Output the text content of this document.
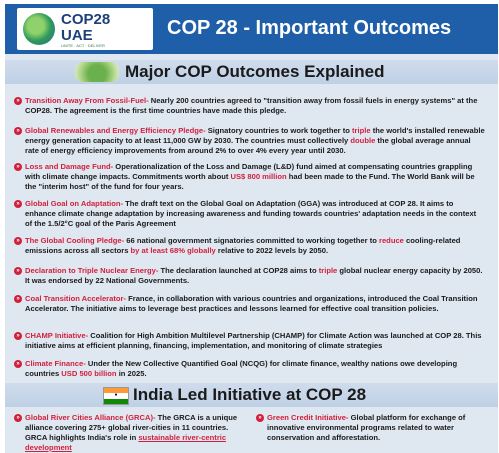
COP28
UAE
UNITE · ACT · DELIVER
COP 28 - Important Outcomes
Major COP Outcomes Explained
» Transition Away From Fossil-Fuel- Nearly 200 countries agreed to "transition away from fossil fuels in energy systems" at the COP28. The agreement is the first time countries have made this pledge.
» Global Renewables and Energy Efficiency Pledge- Signatory countries to work together to triple the world's installed renewable energy generation capacity to at least 11,000 GW by 2030. The countries must collectively double the global average annual rate of energy efficiency improvements from around 2% to over 4% every year until 2030.
» Loss and Damage Fund- Operationalization of the Loss and Damage (L&D) fund aimed at compensating countries grappling with climate change impacts. Commitments worth about US$ 800 million had been made to the Fund. The World Bank will be the "interim host" of the fund for four years.
» Global Goal on Adaptation- The draft text on the Global Goal on Adaptation (GGA) was introduced at COP 28. It aims to enhance climate change adaptation by increasing awareness and funding towards countries' adaptation needs in the context of the 1.5/2°C goal of the Paris Agreement
» The Global Cooling Pledge- 66 national government signatories committed to working together to reduce cooling-related emissions across all sectors by at least 68% globally relative to 2022 levels by 2050.
» Declaration to Triple Nuclear Energy- The declaration launched at COP28 aims to triple global nuclear energy capacity by 2050. It was endorsed by 22 National Governments.
» Coal Transition Accelerator- France, in collaboration with various countries and organizations, introduced the Coal Transition Accelerator. The initiative aims to leverage best practices and lessons learned for effective coal transition policies.
» CHAMP Initiative- Coalition for High Ambition Multilevel Partnership (CHAMP) for Climate Action was launched at COP 28. This initiative aims at efficient planning, financing, implementation, and monitoring of climate strategies
» Climate Finance- Under the New Collective Quantified Goal (NCQG) for climate finance, wealthy nations owe developing countries USD 500 billion in 2025.
● India Led Initiative at COP 28
» Global River Cities Alliance (GRCA)- The GRCA is a unique alliance covering 275+ global river-cities in 11 countries. GRCA highlights India's role in sustainable river-centric development
» Green Credit Initiative- Global platform for exchange of innovative environmental programs related to water conservation and afforestation.
